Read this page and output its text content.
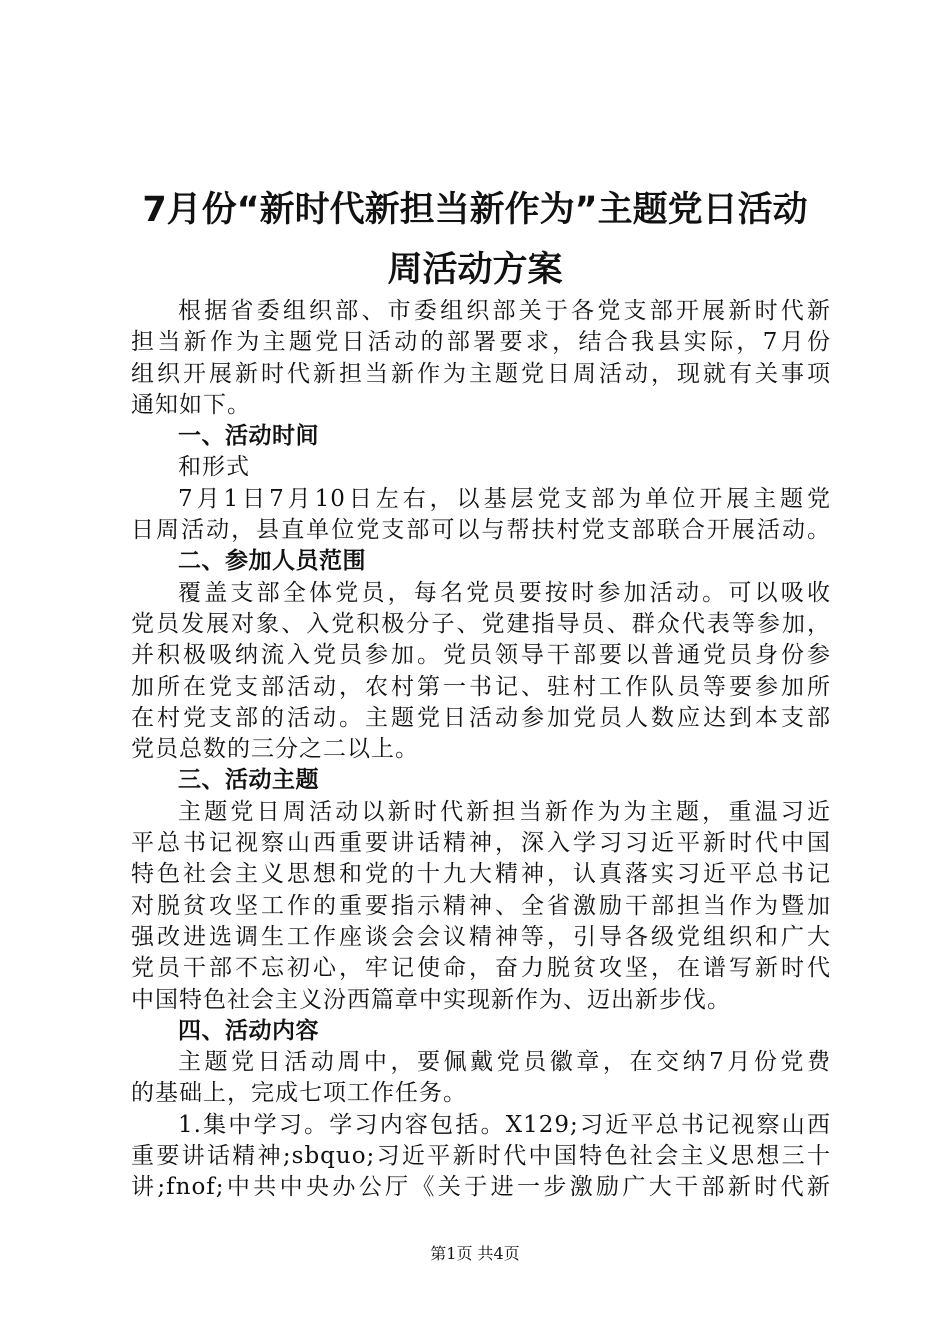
7月份“新时代新担当新作为”主题党日活动
周活动方案
根据省委组织部、市委组织部关于各党支部开展新时代新
担当新作为主题党日活动的部署要求，结合我县实际，7月份
组织开展新时代新担当新作为主题党日周活动，现就有关事项
通知如下。
一、活动时间
和形式
7月1日7月10日左右，以基层党支部为单位开展主题党
日周活动，县直单位党支部可以与帮扶村党支部联合开展活动。
二、参加人员范围
覆盖支部全体党员，每名党员要按时参加活动。可以吸收
党员发展对象、入党积极分子、党建指导员、群众代表等参加，
并积极吸纳流入党员参加。党员领导干部要以普通党员身份参
加所在党支部活动，农村第一书记、驻村工作队员等要参加所
在村党支部的活动。主题党日活动参加党员人数应达到本支部
党员总数的三分之二以上。
三、活动主题
主题党日周活动以新时代新担当新作为为主题，重温习近
平总书记视察山西重要讲话精神，深入学习习近平新时代中国
特色社会主义思想和党的十九大精神，认真落实习近平总书记
对脱贫攻坚工作的重要指示精神、全省激励干部担当作为暨加
强改进选调生工作座谈会会议精神等，引导各级党组织和广大
党员干部不忘初心，牢记使命，奋力脱贫攻坚，在谱写新时代
中国特色社会主义汾西篇章中实现新作为、迈出新步伐。
四、活动内容
主题党日活动周中，要佩戴党员徽章，在交纳7月份党费
的基础上，完成七项工作任务。
1.集中学习。学习内容包括。X129;习近平总书记视察山西
重要讲话精神;sbquo;习近平新时代中国特色社会主义思想三十
讲;fnof;中共中央办公厅《关于进一步激励广大干部新时代新
第1页 共4页
